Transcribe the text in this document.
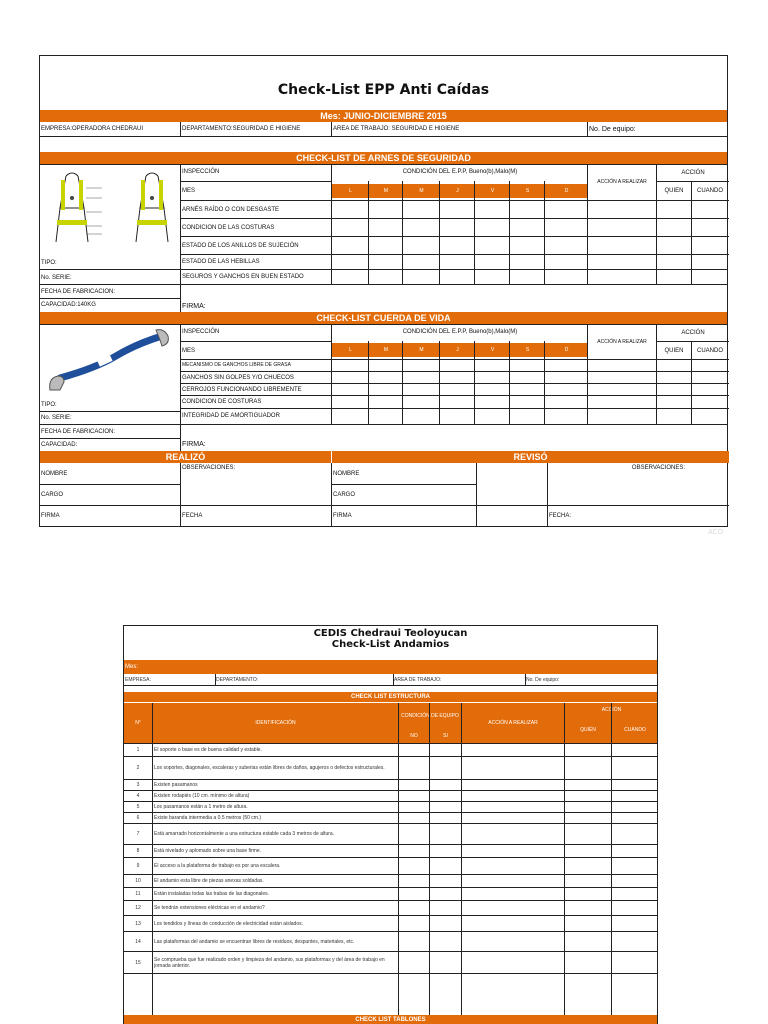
Check-List EPP Anti Caídas
Mes: JUNIO-DICIEMBRE 2015
EMPRESA:OPERADORA CHEDRAUI	DEPARTAMENTO:SEGURIDAD E HIGIENE	AREA DE TRABAJO: SEGURIDAD E HIGIENE	No. De equipo:
CHECK-LIST DE ARNES DE SEGURIDAD
INSPECCIÓN	CONDICIÓN DEL E.P.P, Bueno(b),Malo(M)
ACCIÓN A REALIZAR
ACCIÓN
MES	QUIEN	CUANDO
L	M	M	J	V	S	D
ARNÉS RAÍDO O CON DESGASTE
CONDICION DE LAS COSTURAS
ESTADO DE LOS ANILLOS DE SUJECIÓN
ESTADO DE LAS HEBILLAS
SEGUROS Y GANCHOS EN BUEN ESTADO
TIPO:
No. SERIE:
FECHA DE FABRICACION:
CAPACIDAD:140KG	FIRMA:
CHECK-LIST CUERDA DE VIDA
INSPECCIÓN	CONDICIÓN DEL E.P.P, Bueno(b),Malo(M)
ACCIÓN A REALIZAR
ACCIÓN
MES	QUIEN	CUANDO
L	M	M	J	V	S	D
MECANISMO DE GANCHOS LIBRE DE GRASA
GANCHOS SIN GOLPES Y/O CHUECOS
CERROJOS FUNCIONANDO LIBREMENTE
CONDICION DE COSTURAS
INTEGRIDAD DE AMORTIGUADOR
TIPO:
No. SERIE:
FECHA DE FABRICACION:
CAPACIDAD:	FIRMA:
REALIZÓ	REVISÓ
OBSERVACIONES:	OBSERVACIONES:
NOMBRE
CARGO
FIRMA	FECHA
NOMBRE
CARGO
FIRMA	FECHA:
ACO
CEDIS Chedraui Teoloyucan
Check-List Andamios
Mes:
EMPRESA:	DEPARTAMENTO:	AREA DE TRABAJO:	No. De equipo:
CHECK LIST ESTRUCTURA
N°	IDENTIFICACIÓN
CONDICIÓN DE EQUIPO
NO	SI
ACCIÓN A REALIZAR
ACCIÓN
QUIÉN	CUÁNDO
1	El soporte o base es de buena calidad y estable.
2	Los soportes, diagonales, escaleras y suberias están libres de daños, agujeros o defectos estructurales.
3	Existen pasamanos
4	Existen rodapiés (10 cm. mínimo de altura)
5	Los pasamanos están a 1 metro de altura.
6	Existe baranda intermedia a 0.5 metros (50 cm.)
7	Está amarrado horizontalmente a una estructura estable cada 3 metros de altura.
8	Está nivelado y aplomado sobre una base firme.
9	El acceso a la plataforma de trabajo es por una escalera.
10	El andamio esta libre de piezas anexas soldadas.
11	Están instaladas todas las trabas de las diagonales.
12	Se tendrán extensiones eléctricas en el andamio?
13	Los tendidos y líneas de conducción de electricidad están aislados.
14	Las plataformas del andamio se encuentran libres de residuos, despuntes, materiales, etc.
15	Se comprueba que fue realizado orden y limpieza del andamio, sus plataformas y del área de trabajo en jornada anterior.
CHECK LIST TABLONES
